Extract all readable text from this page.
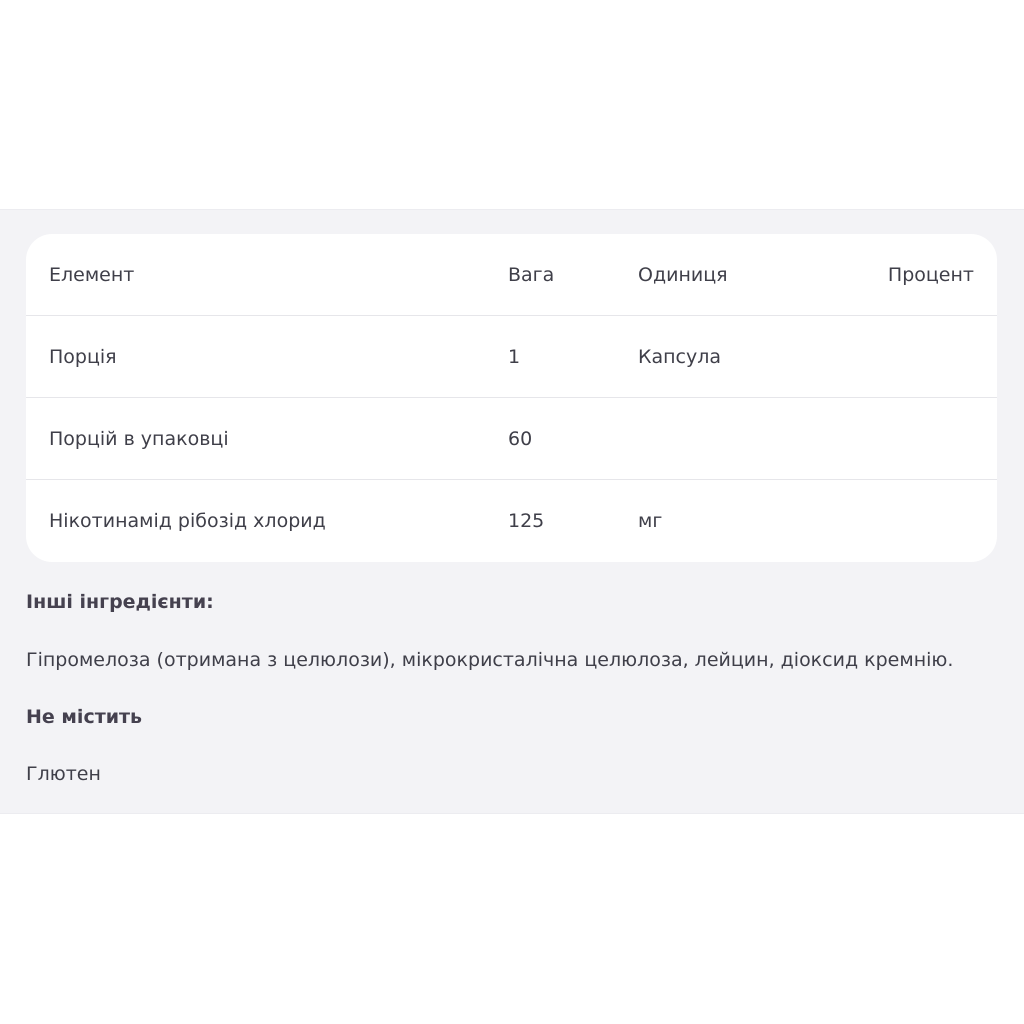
Елемент	Вага	Одиниця	Процент
Порція	1	Капсула
Порцій в упаковці	60
Нікотинамід рібозід хлорид	125	мг
Інші інгредієнти:
Гіпромелоза (отримана з целюлози), мікрокристалічна целюлоза, лейцин, діоксид кремнію.
Не містить
Глютен
